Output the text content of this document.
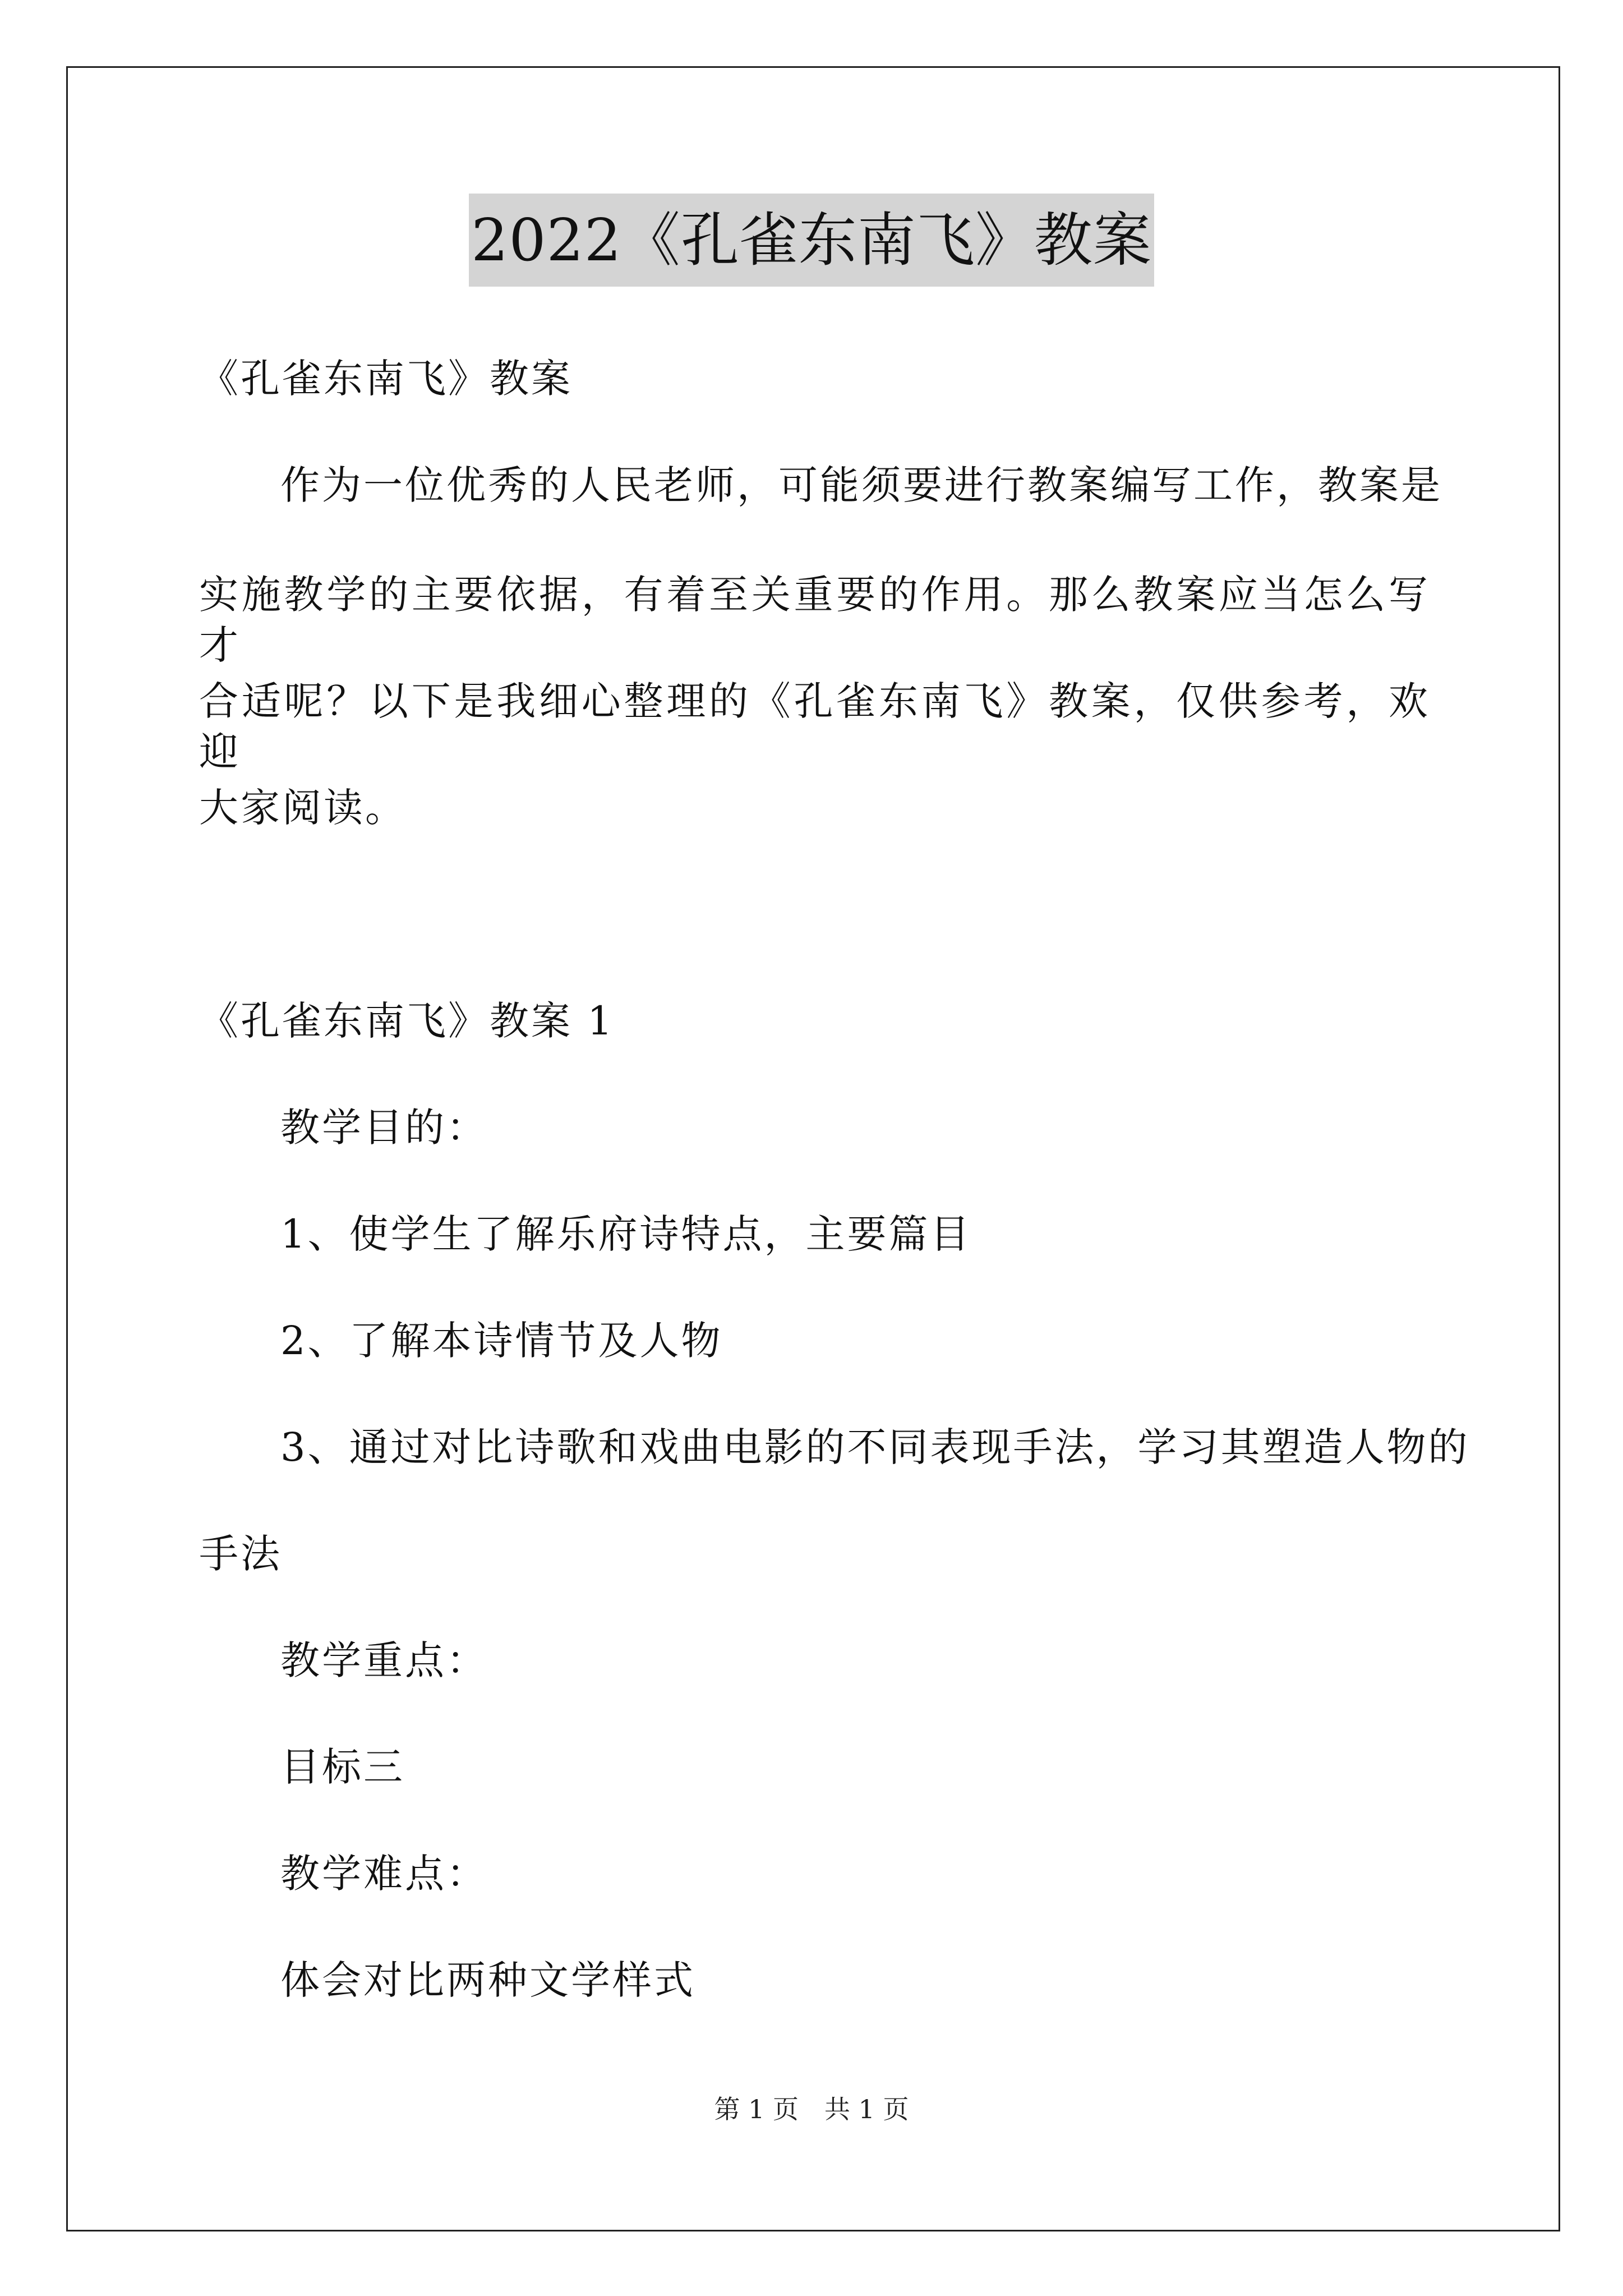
2022《孔雀东南飞》教案
《孔雀东南飞》教案
作为一位优秀的人民老师，可能须要进行教案编写工作，教案是
实施教学的主要依据，有着至关重要的作用。那么教案应当怎么写才
合适呢？以下是我细心整理的《孔雀东南飞》教案，仅供参考，欢迎
大家阅读。
《孔雀东南飞》教案 1
教学目的：
1、使学生了解乐府诗特点，主要篇目
2、了解本诗情节及人物
3、通过对比诗歌和戏曲电影的不同表现手法，学习其塑造人物的
手法
教学重点：
目标三
教学难点：
体会对比两种文学样式
第 1 页　共 1 页
